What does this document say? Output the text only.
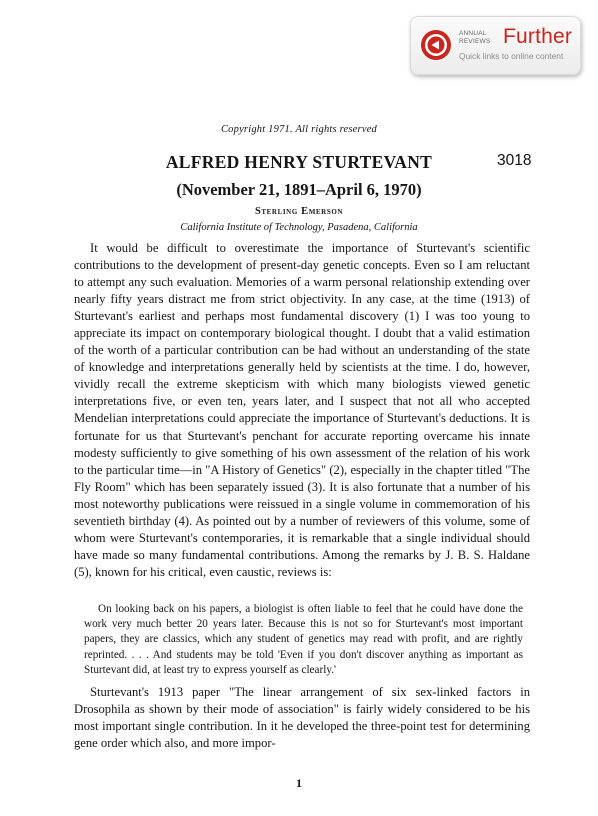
ANNUAL
REVIEWS Further
Quick links to online content
Copyright 1971. All rights reserved
ALFRED HENRY STURTEVANT	3018
(November 21, 1891–April 6, 1970)
Sterling Emerson
California Institute of Technology, Pasadena, California

It would be difficult to overestimate the importance of Sturtevant's scientific contributions to the development of present-day genetic concepts. Even so I am reluctant to attempt any such evaluation. Memories of a warm personal relationship extending over nearly fifty years distract me from strict objectivity. In any case, at the time (1913) of Sturtevant's earliest and perhaps most fundamental discovery (1) I was too young to appreciate its impact on contemporary biological thought. I doubt that a valid estimation of the worth of a particular contribution can be had without an understanding of the state of knowledge and interpretations generally held by scientists at the time. I do, however, vividly recall the extreme skepticism with which many biologists viewed genetic interpretations five, or even ten, years later, and I suspect that not all who accepted Mendelian interpretations could appreciate the importance of Sturtevant's deductions. It is fortunate for us that Sturtevant's penchant for accurate reporting overcame his innate modesty sufficiently to give something of his own assessment of the relation of his work to the particular time—in "A History of Genetics" (2), especially in the chapter titled "The Fly Room" which has been separately issued (3). It is also fortunate that a number of his most noteworthy publications were reissued in a single volume in commemoration of his seventieth birthday (4). As pointed out by a number of reviewers of this volume, some of whom were Sturtevant's contemporaries, it is remarkable that a single individual should have made so many fundamental contributions. Among the remarks by J. B. S. Haldane (5), known for his critical, even caustic, reviews is:

On looking back on his papers, a biologist is often liable to feel that he could have done the work very much better 20 years later. Because this is not so for Sturtevant's most important papers, they are classics, which any student of genetics may read with profit, and are rightly reprinted. . . . And students may be told 'Even if you don't discover anything as important as Sturtevant did, at least try to express yourself as clearly.'

Sturtevant's 1913 paper "The linear arrangement of six sex-linked factors in Drosophila as shown by their mode of association" is fairly widely considered to be his most important single contribution. In it he developed the three-point test for determining gene order which also, and more impor-

1
